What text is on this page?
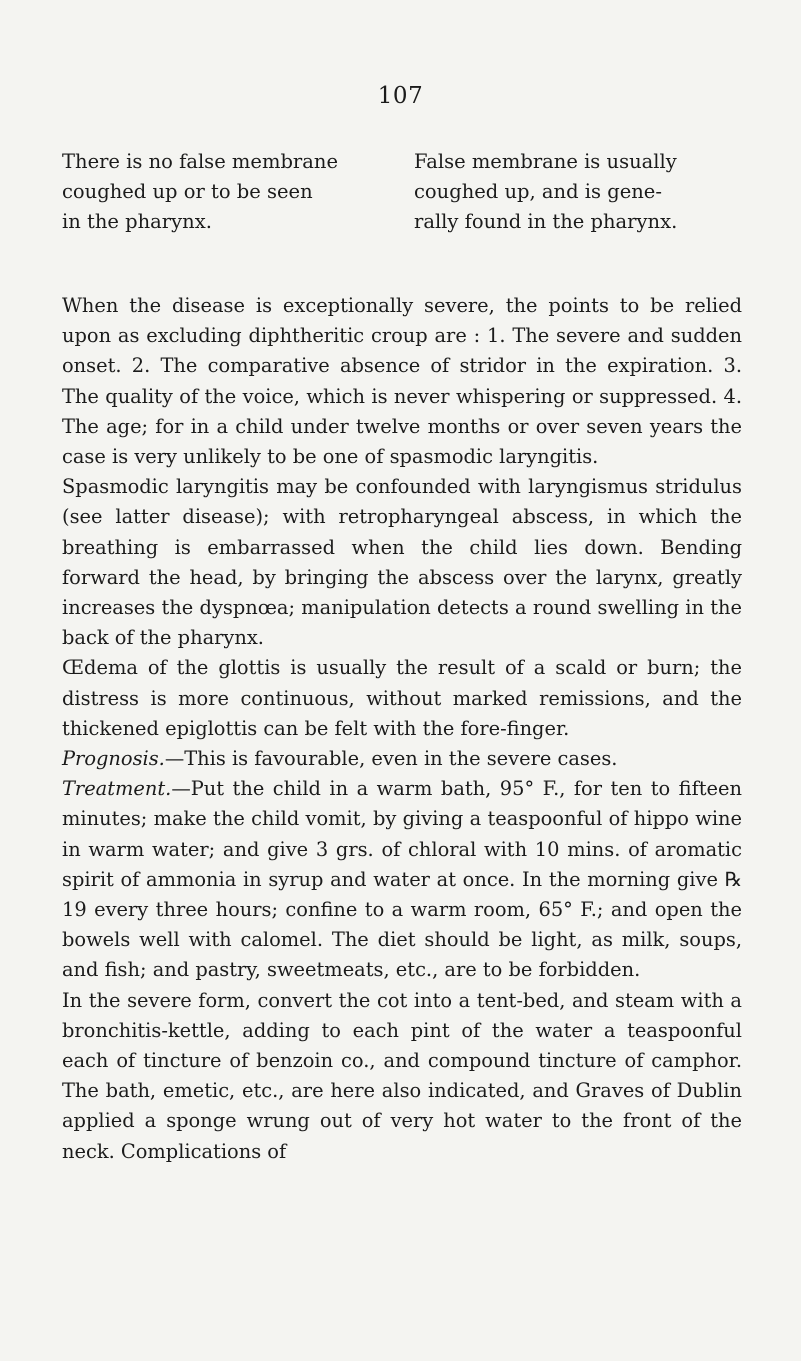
107
There is no false membrane
coughed up or to be seen
in the pharynx.
False membrane is usually
coughed up, and is gene-
rally found in the pharynx.

When the disease is exceptionally severe, the points to be relied upon as excluding diphtheritic croup are : 1. The severe and sudden onset. 2. The comparative absence of stridor in the expiration. 3. The quality of the voice, which is never whispering or suppressed. 4. The age; for in a child under twelve months or over seven years the case is very unlikely to be one of spasmodic laryngitis.

Spasmodic laryngitis may be confounded with laryngismus stridulus (see latter disease); with retropharyngeal abscess, in which the breathing is embarrassed when the child lies down. Bending forward the head, by bringing the abscess over the larynx, greatly increases the dyspnœa; manipulation detects a round swelling in the back of the pharynx.

Œdema of the glottis is usually the result of a scald or burn; the distress is more continuous, without marked remissions, and the thickened epiglottis can be felt with the fore-finger.

Prognosis.—This is favourable, even in the severe cases.

Treatment.—Put the child in a warm bath, 95° F., for ten to fifteen minutes; make the child vomit, by giving a teaspoonful of hippo wine in warm water; and give 3 grs. of chloral with 10 mins. of aromatic spirit of ammonia in syrup and water at once. In the morning give ℞ 19 every three hours; confine to a warm room, 65° F.; and open the bowels well with calomel. The diet should be light, as milk, soups, and fish; and pastry, sweetmeats, etc., are to be forbidden.

In the severe form, convert the cot into a tent-bed, and steam with a bronchitis-kettle, adding to each pint of the water a teaspoonful each of tincture of benzoin co., and compound tincture of camphor. The bath, emetic, etc., are here also indicated, and Graves of Dublin applied a sponge wrung out of very hot water to the front of the neck. Complications of
